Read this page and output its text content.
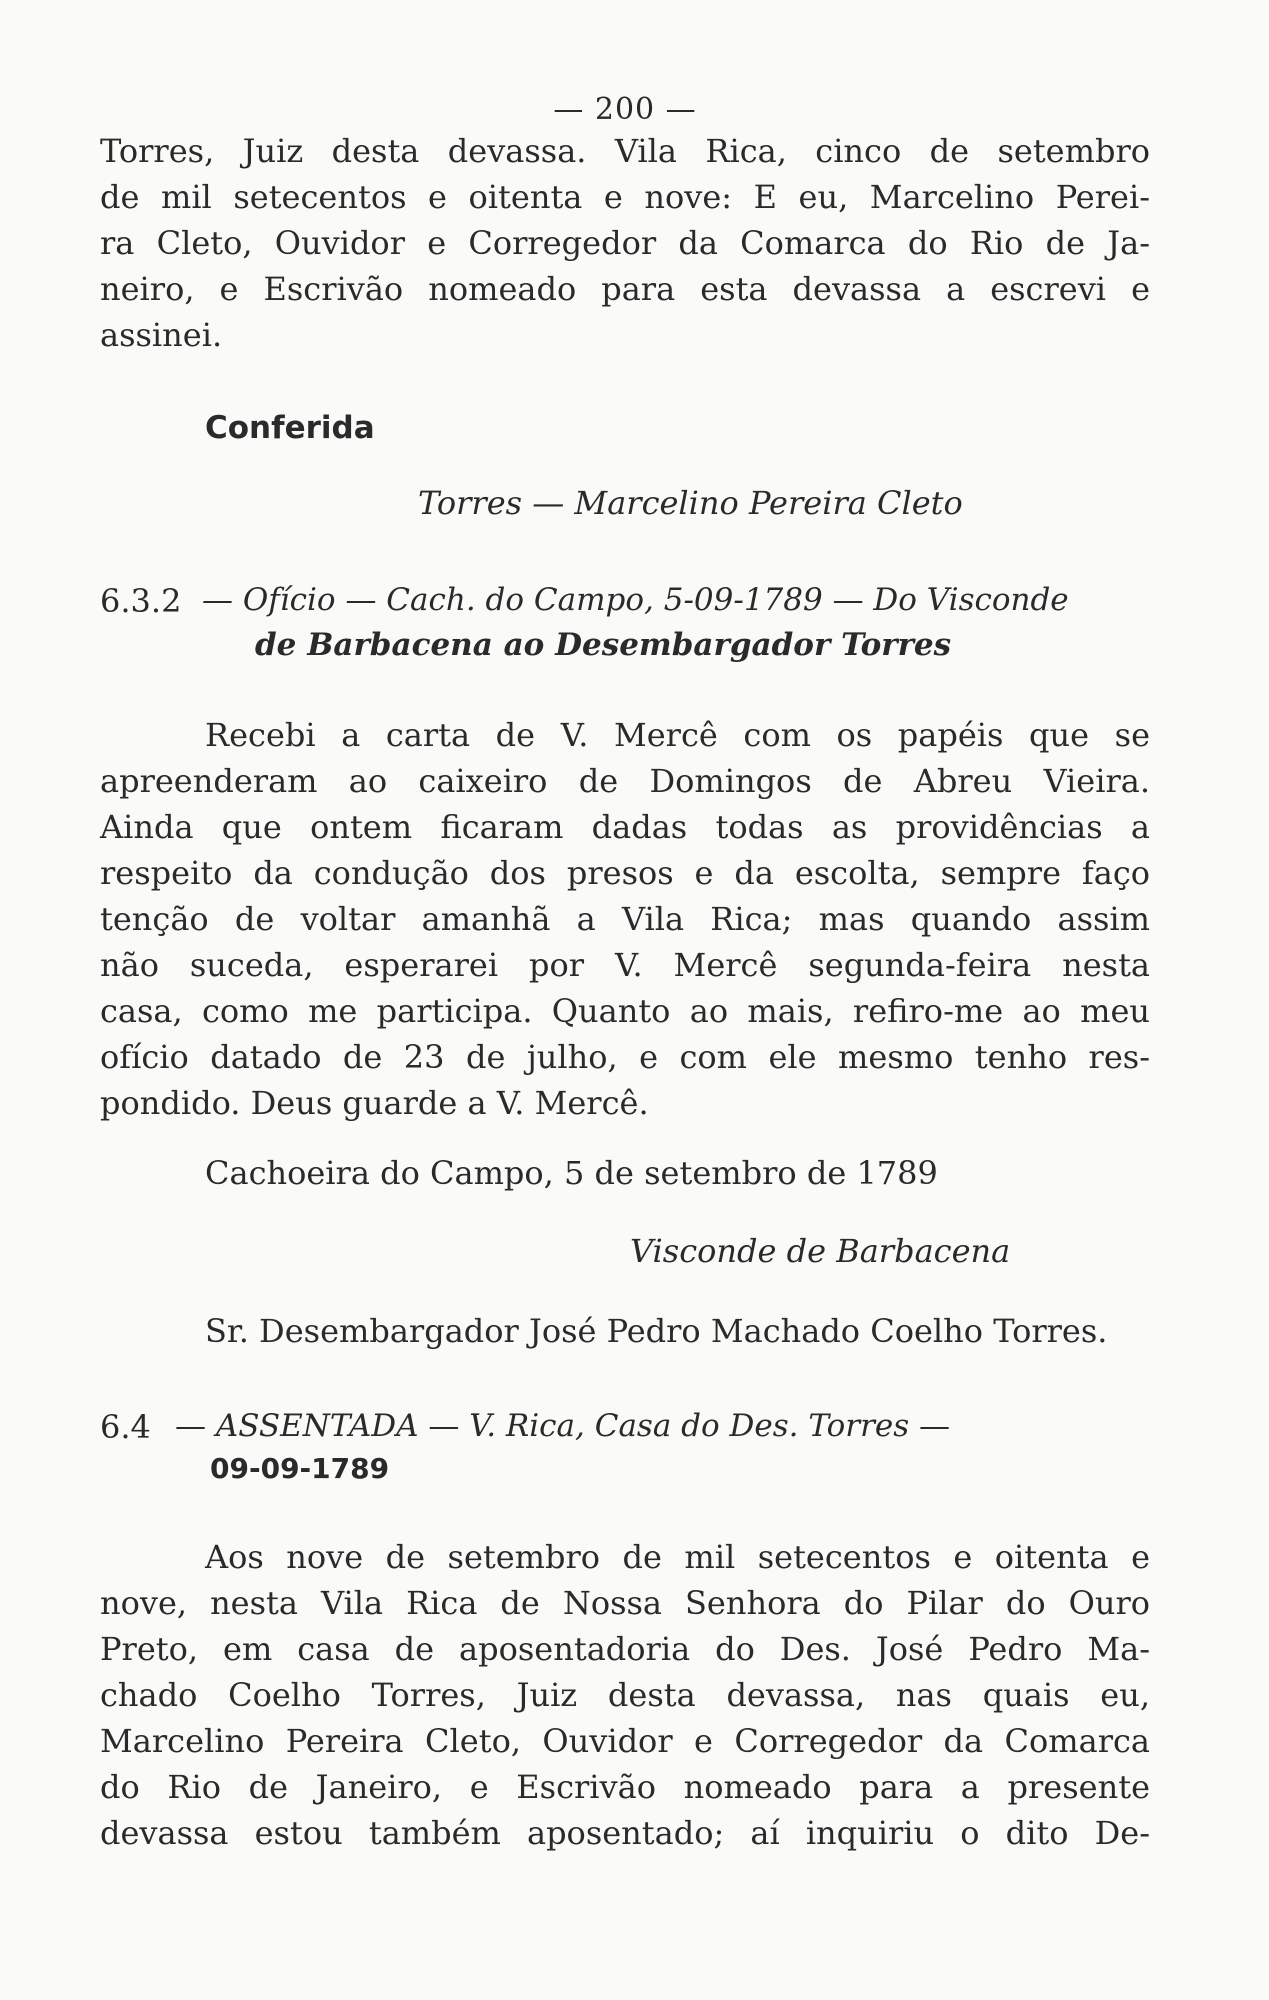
— 200 —
Torres, Juiz desta devassa. Vila Rica, cinco de setembro
de mil setecentos e oitenta e nove: E eu, Marcelino Perei-
ra Cleto, Ouvidor e Corregedor da Comarca do Rio de Ja-
neiro, e Escrivão nomeado para esta devassa a escrevi e
assinei.
Conferida
Torres — Marcelino Pereira Cleto
6.3.2 — Ofício — Cach. do Campo, 5-09-1789 — Do Visconde
de Barbacena ao Desembargador Torres
Recebi a carta de V. Mercê com os papéis que se
apreenderam ao caixeiro de Domingos de Abreu Vieira.
Ainda que ontem ficaram dadas todas as providências a
respeito da condução dos presos e da escolta, sempre faço
tenção de voltar amanhã a Vila Rica; mas quando assim
não suceda, esperarei por V. Mercê segunda-feira nesta
casa, como me participa. Quanto ao mais, refiro-me ao meu
ofício datado de 23 de julho, e com ele mesmo tenho res-
pondido. Deus guarde a V. Mercê.
Cachoeira do Campo, 5 de setembro de 1789
Visconde de Barbacena
Sr. Desembargador José Pedro Machado Coelho Torres.
6.4 — ASSENTADA — V. Rica, Casa do Des. Torres —
09-09-1789
Aos nove de setembro de mil setecentos e oitenta e
nove, nesta Vila Rica de Nossa Senhora do Pilar do Ouro
Preto, em casa de aposentadoria do Des. José Pedro Ma-
chado Coelho Torres, Juiz desta devassa, nas quais eu,
Marcelino Pereira Cleto, Ouvidor e Corregedor da Comarca
do Rio de Janeiro, e Escrivão nomeado para a presente
devassa estou também aposentado; aí inquiriu o dito De-
